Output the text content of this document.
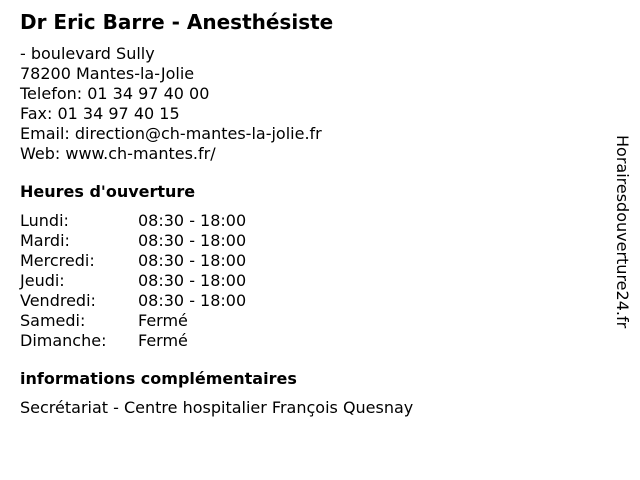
Dr Eric Barre - Anesthésiste
- boulevard Sully
78200 Mantes-la-Jolie
Telefon: 01 34 97 40 00
Fax: 01 34 97 40 15
Email: direction@ch-mantes-la-jolie.fr
Web: www.ch-mantes.fr/
Heures d'ouverture
Lundi:	08:30 - 18:00
Mardi:	08:30 - 18:00
Mercredi:	08:30 - 18:00
Jeudi:	08:30 - 18:00
Vendredi:	08:30 - 18:00
Samedi:	Fermé
Dimanche:	Fermé
informations complémentaires
Secrétariat - Centre hospitalier François Quesnay
Horairesdouverture24.fr
